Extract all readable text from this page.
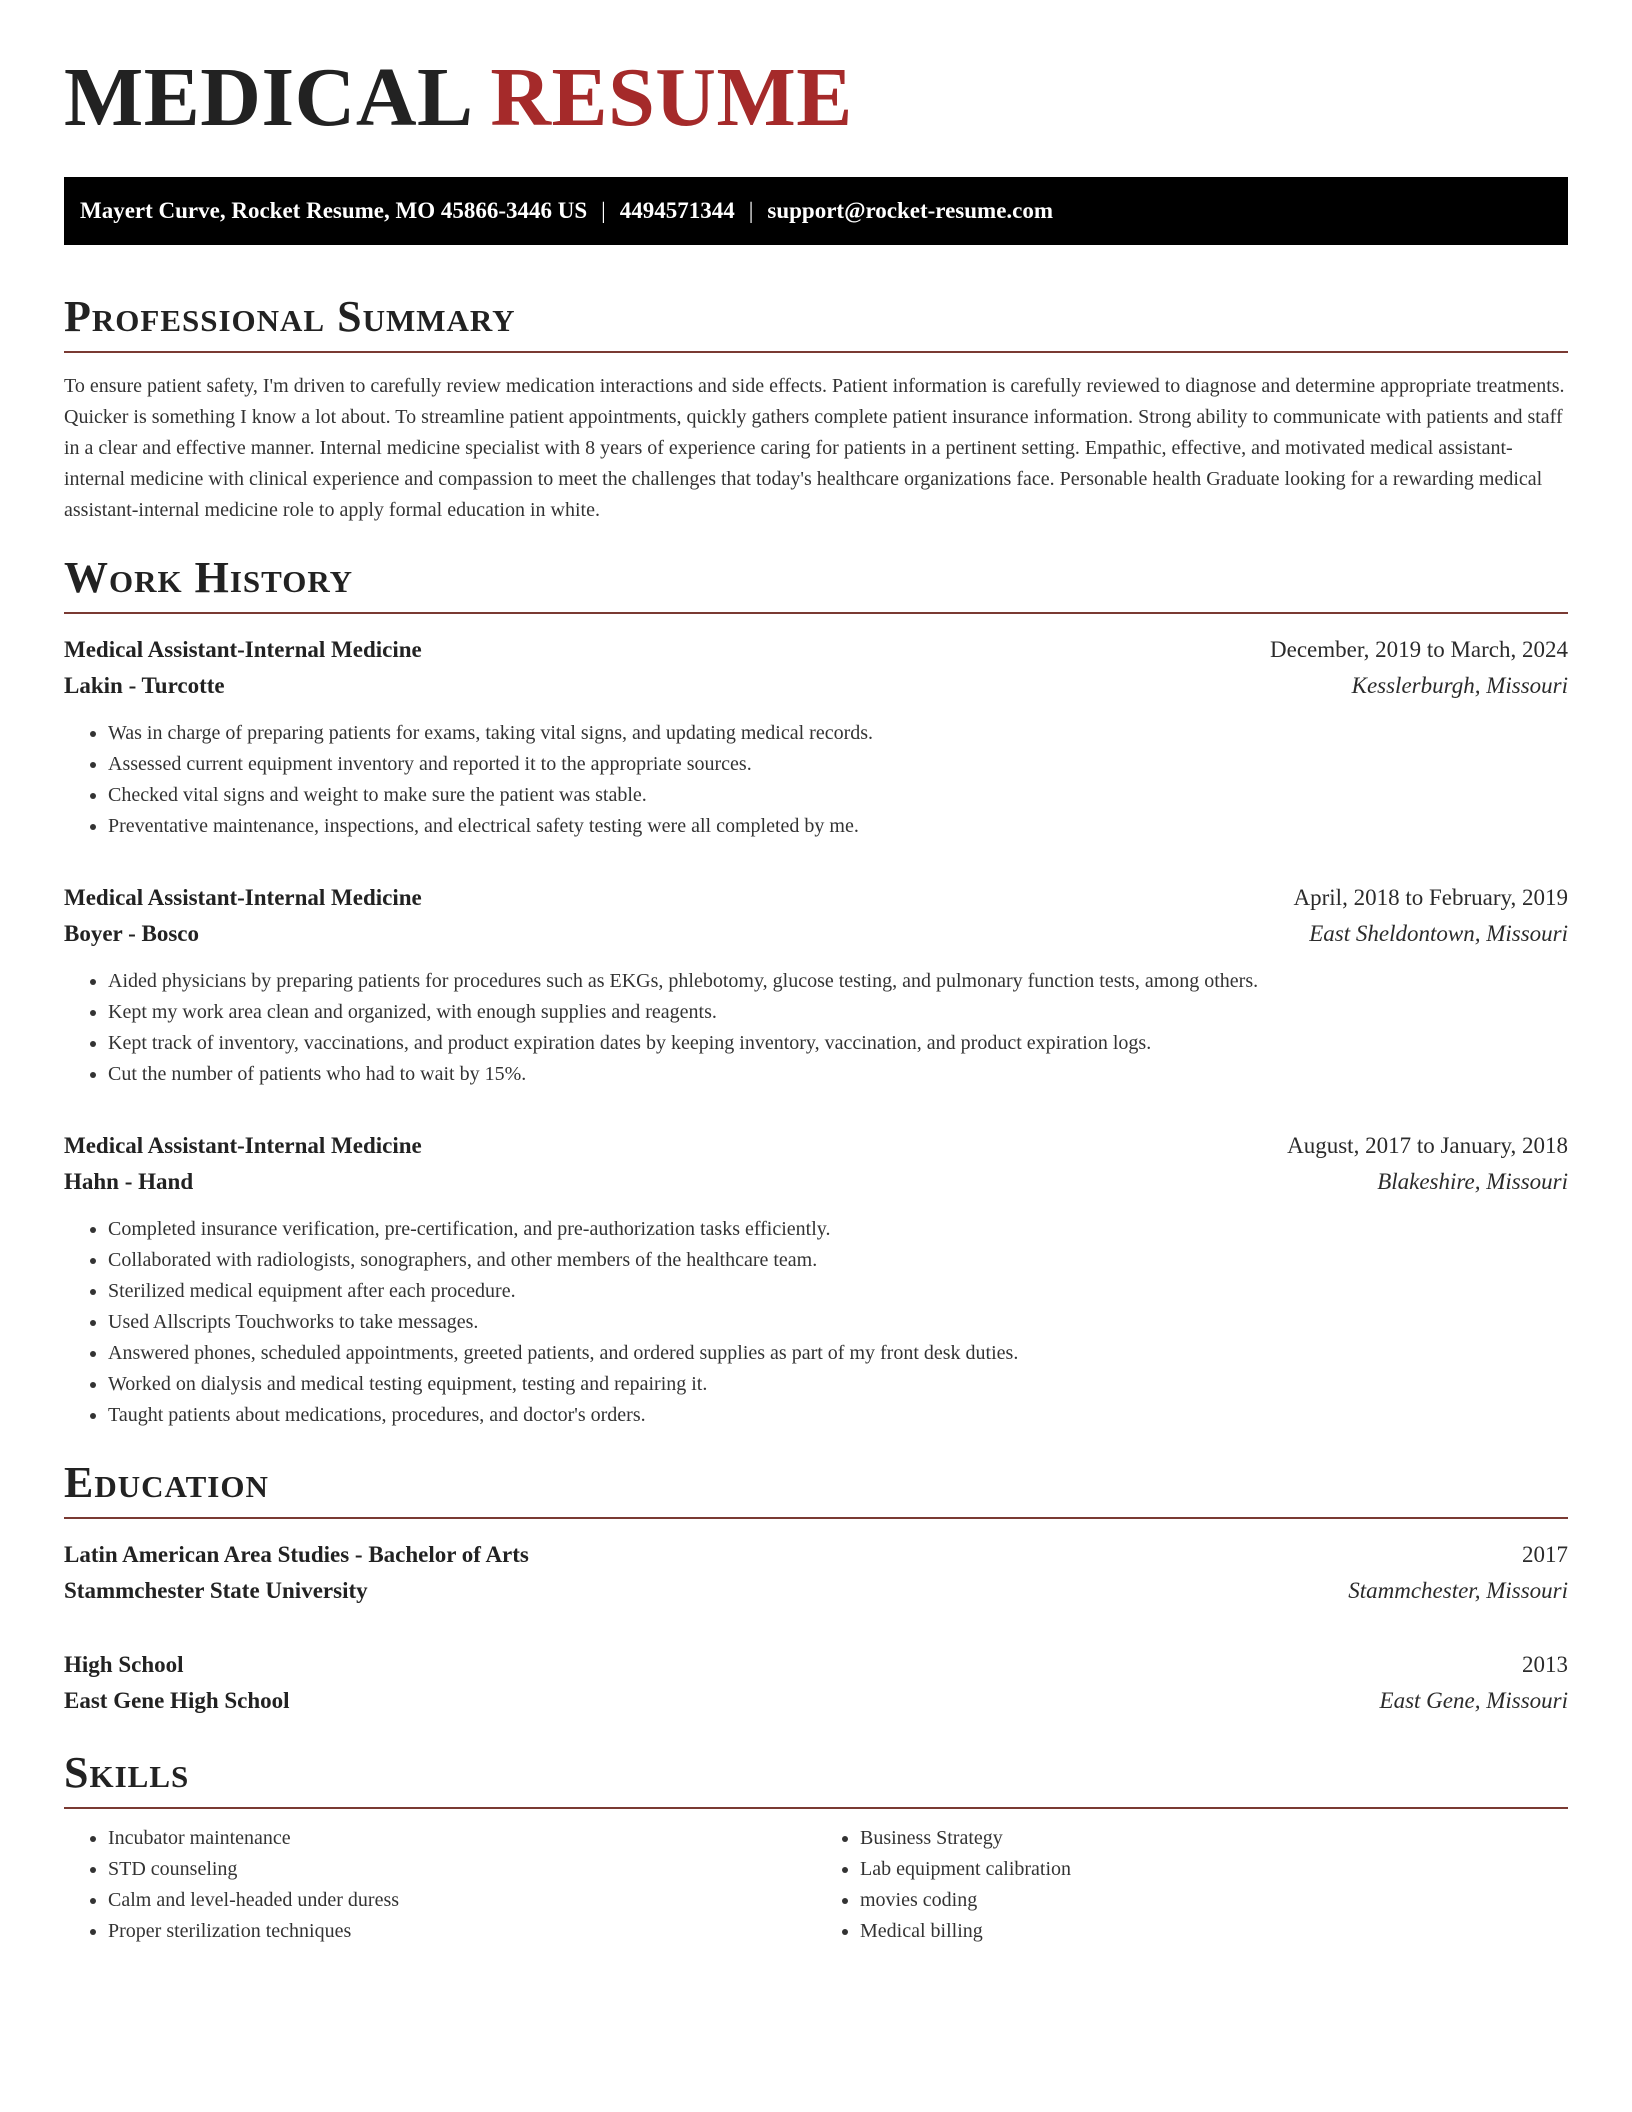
MEDICAL RESUME
Mayert Curve, Rocket Resume, MO 45866-3446 US | 4494571344 | support@rocket-resume.com
Professional Summary

To ensure patient safety, I'm driven to carefully review medication interactions and side effects. Patient information is carefully reviewed to diagnose and determine appropriate treatments. Quicker is something I know a lot about. To streamline patient appointments, quickly gathers complete patient insurance information. Strong ability to communicate with patients and staff in a clear and effective manner. Internal medicine specialist with 8 years of experience caring for patients in a pertinent setting. Empathic, effective, and motivated medical assistant-internal medicine with clinical experience and compassion to meet the challenges that today's healthcare organizations face. Personable health Graduate looking for a rewarding medical assistant-internal medicine role to apply formal education in white.

Work History
Medical Assistant-Internal Medicine	December, 2019 to March, 2024
Lakin - Turcotte	Kesslerburgh, Missouri
• Was in charge of preparing patients for exams, taking vital signs, and updating medical records.
• Assessed current equipment inventory and reported it to the appropriate sources.
• Checked vital signs and weight to make sure the patient was stable.
• Preventative maintenance, inspections, and electrical safety testing were all completed by me.
Medical Assistant-Internal Medicine	April, 2018 to February, 2019
Boyer - Bosco	East Sheldontown, Missouri
• Aided physicians by preparing patients for procedures such as EKGs, phlebotomy, glucose testing, and pulmonary function tests, among others.
• Kept my work area clean and organized, with enough supplies and reagents.
• Kept track of inventory, vaccinations, and product expiration dates by keeping inventory, vaccination, and product expiration logs.
• Cut the number of patients who had to wait by 15%.
Medical Assistant-Internal Medicine	August, 2017 to January, 2018
Hahn - Hand	Blakeshire, Missouri
• Completed insurance verification, pre-certification, and pre-authorization tasks efficiently.
• Collaborated with radiologists, sonographers, and other members of the healthcare team.
• Sterilized medical equipment after each procedure.
• Used Allscripts Touchworks to take messages.
• Answered phones, scheduled appointments, greeted patients, and ordered supplies as part of my front desk duties.
• Worked on dialysis and medical testing equipment, testing and repairing it.
• Taught patients about medications, procedures, and doctor's orders.
Education
Latin American Area Studies - Bachelor of Arts	2017
Stammchester State University	Stammchester, Missouri
High School	2013
East Gene High School	East Gene, Missouri
Skills
• Incubator maintenance
• STD counseling
• Calm and level-headed under duress
• Proper sterilization techniques
• Business Strategy
• Lab equipment calibration
• movies coding
• Medical billing
